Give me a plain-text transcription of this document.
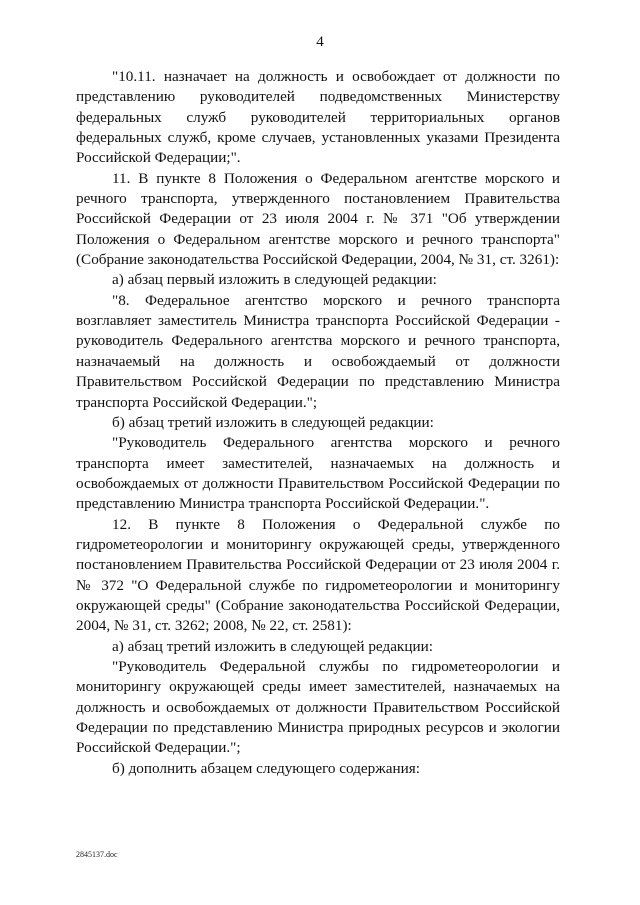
4

"10.11. назначает на должность и освобождает от должности по представлению руководителей подведомственных Министерству федеральных служб руководителей территориальных органов федеральных служб, кроме случаев, установленных указами Президента Российской Федерации;".

11. В пункте 8 Положения о Федеральном агентстве морского и речного транспорта, утвержденного постановлением Правительства Российской Федерации от 23 июля 2004 г. № 371 "Об утверждении Положения о Федеральном агентстве морского и речного транспорта" (Собрание законодательства Российской Федерации, 2004, № 31, ст. 3261):

а) абзац первый изложить в следующей редакции:

"8. Федеральное агентство морского и речного транспорта возглавляет заместитель Министра транспорта Российской Федерации - руководитель Федерального агентства морского и речного транспорта, назначаемый на должность и освобождаемый от должности Правительством Российской Федерации по представлению Министра транспорта Российской Федерации.";

б) абзац третий изложить в следующей редакции:

"Руководитель Федерального агентства морского и речного транспорта имеет заместителей, назначаемых на должность и освобождаемых от должности Правительством Российской Федерации по представлению Министра транспорта Российской Федерации.".

12. В пункте 8 Положения о Федеральной службе по гидрометеорологии и мониторингу окружающей среды, утвержденного постановлением Правительства Российской Федерации от 23 июля 2004 г. № 372 "О Федеральной службе по гидрометеорологии и мониторингу окружающей среды" (Собрание законодательства Российской Федерации, 2004, № 31, ст. 3262; 2008, № 22, ст. 2581):

а) абзац третий изложить в следующей редакции:

"Руководитель Федеральной службы по гидрометеорологии и мониторингу окружающей среды имеет заместителей, назначаемых на должность и освобождаемых от должности Правительством Российской Федерации по представлению Министра природных ресурсов и экологии Российской Федерации.";

б) дополнить абзацем следующего содержания:

2845137.doc
